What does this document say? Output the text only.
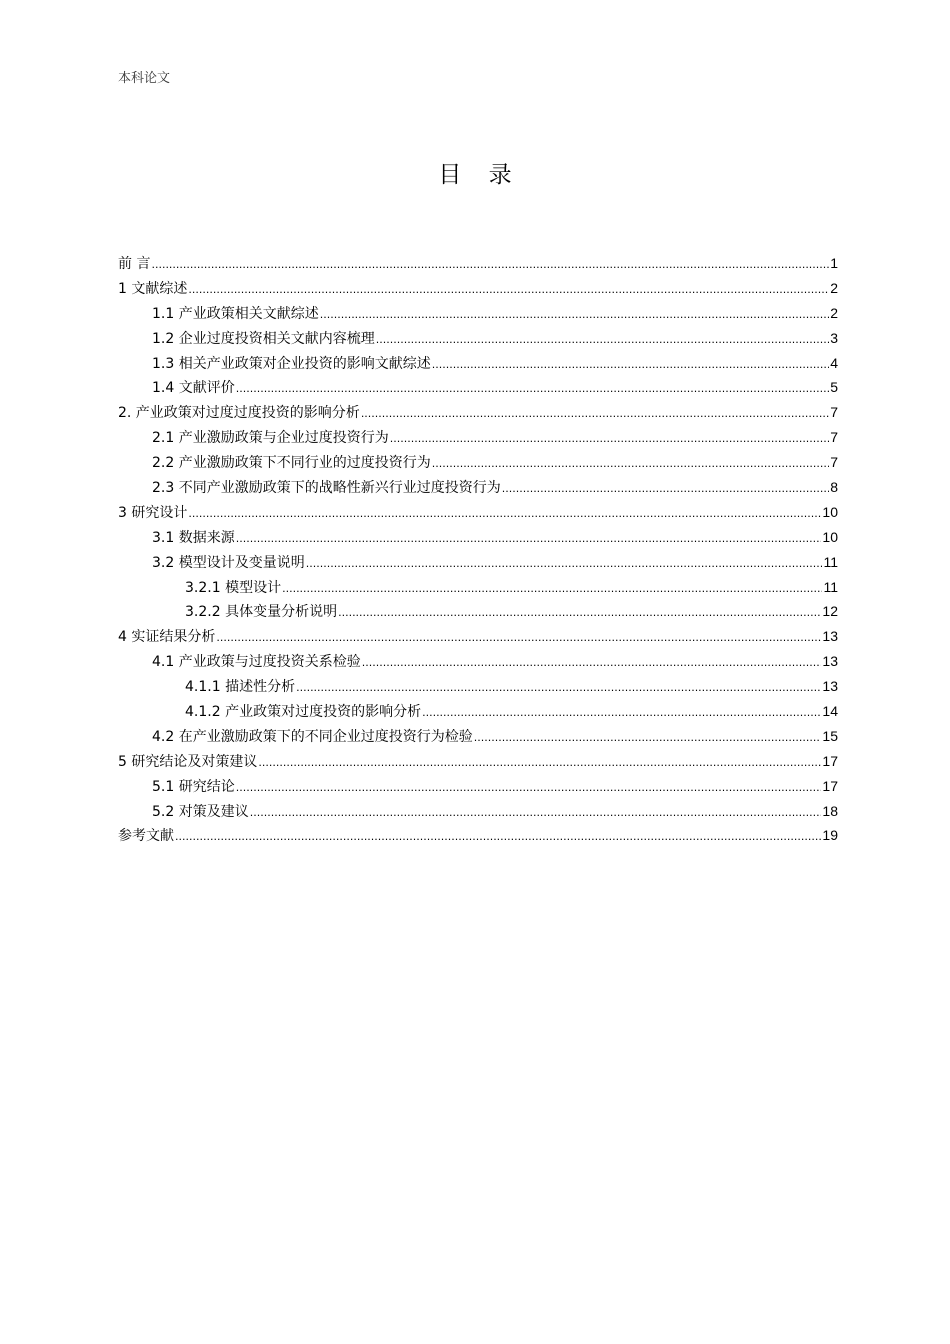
本科论文
目 录
前 言 .....	1
1 文献综述 .....	2
1.1 产业政策相关文献综述 .....	2
1.2 企业过度投资相关文献内容梳理 .....	3
1.3 相关产业政策对企业投资的影响文献综述 .....	4
1.4 文献评价 .....	5
2. 产业政策对过度过度投资的影响分析 .....	7
2.1 产业激励政策与企业过度投资行为 .....	7
2.2 产业激励政策下不同行业的过度投资行为 .....	7
2.3 不同产业激励政策下的战略性新兴行业过度投资行为 .....	8
3 研究设计 .....	10
3.1 数据来源 .....	10
3.2 模型设计及变量说明 .....	11
3.2.1 模型设计 .....	11
3.2.2 具体变量分析说明 .....	12
4 实证结果分析 .....	13
4.1 产业政策与过度投资关系检验 .....	13
4.1.1 描述性分析 .....	13
4.1.2 产业政策对过度投资的影响分析 .....	14
4.2 在产业激励政策下的不同企业过度投资行为检验 .....	15
5 研究结论及对策建议 .....	17
5.1 研究结论 .....	17
5.2 对策及建议 .....	18
参考文献 .....	19
